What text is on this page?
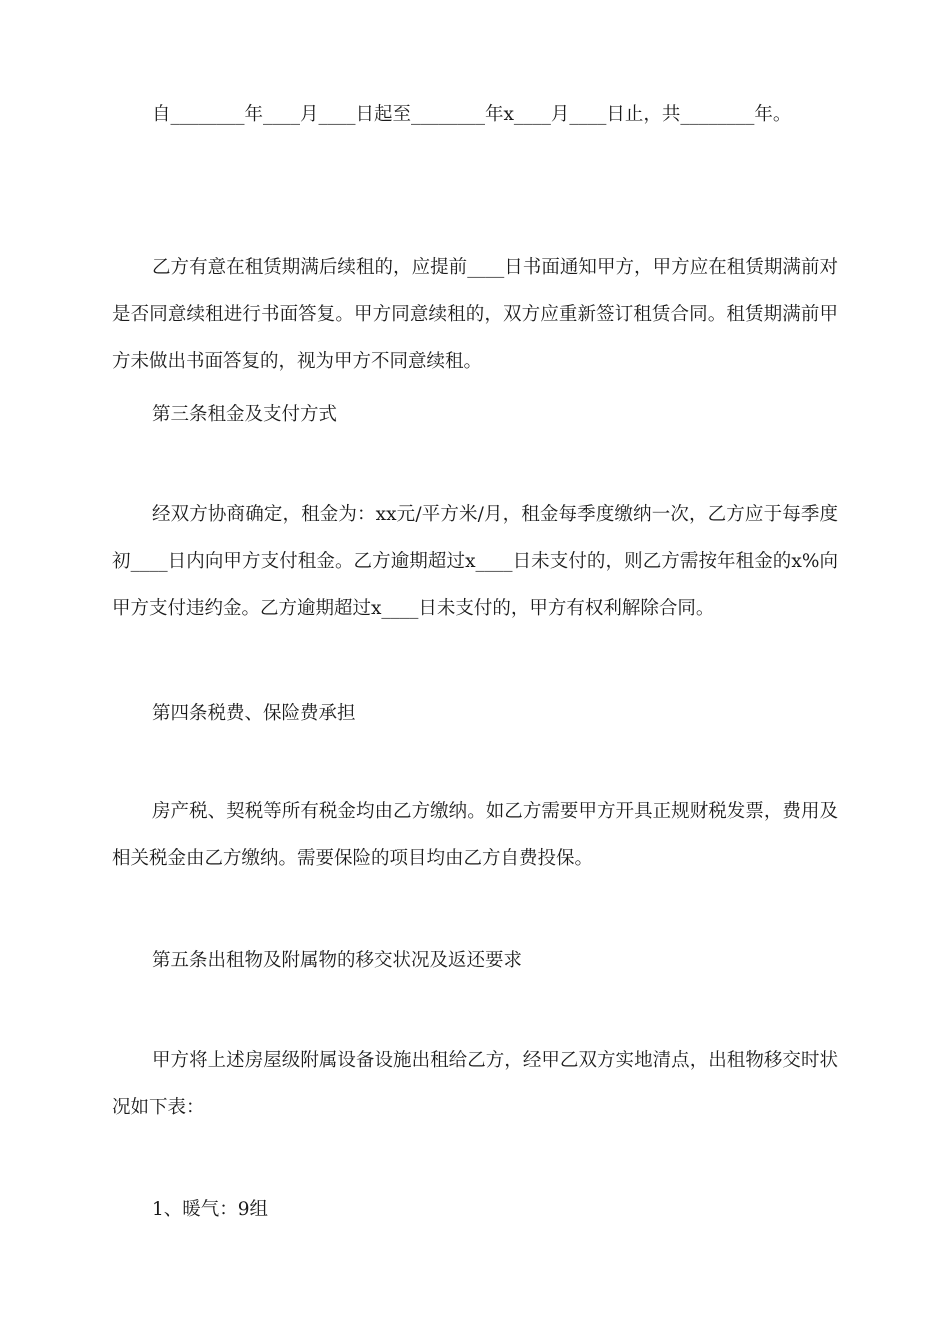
自________年____月____日起至________年x____月____日止，共________年。

乙方有意在租赁期满后续租的，应提前____日书面通知甲方，甲方应在租赁期满前对是否同意续租进行书面答复。甲方同意续租的，双方应重新签订租赁合同。租赁期满前甲方未做出书面答复的，视为甲方不同意续租。

第三条租金及支付方式

经双方协商确定，租金为：xx元/平方米/月，租金每季度缴纳一次，乙方应于每季度初____日内向甲方支付租金。乙方逾期超过x____日未支付的，则乙方需按年租金的x%向甲方支付违约金。乙方逾期超过x____日未支付的，甲方有权利解除合同。

第四条税费、保险费承担

房产税、契税等所有税金均由乙方缴纳。如乙方需要甲方开具正规财税发票，费用及相关税金由乙方缴纳。需要保险的项目均由乙方自费投保。

第五条出租物及附属物的移交状况及返还要求

甲方将上述房屋级附属设备设施出租给乙方，经甲乙双方实地清点，出租物移交时状况如下表：

1、暖气：9组
